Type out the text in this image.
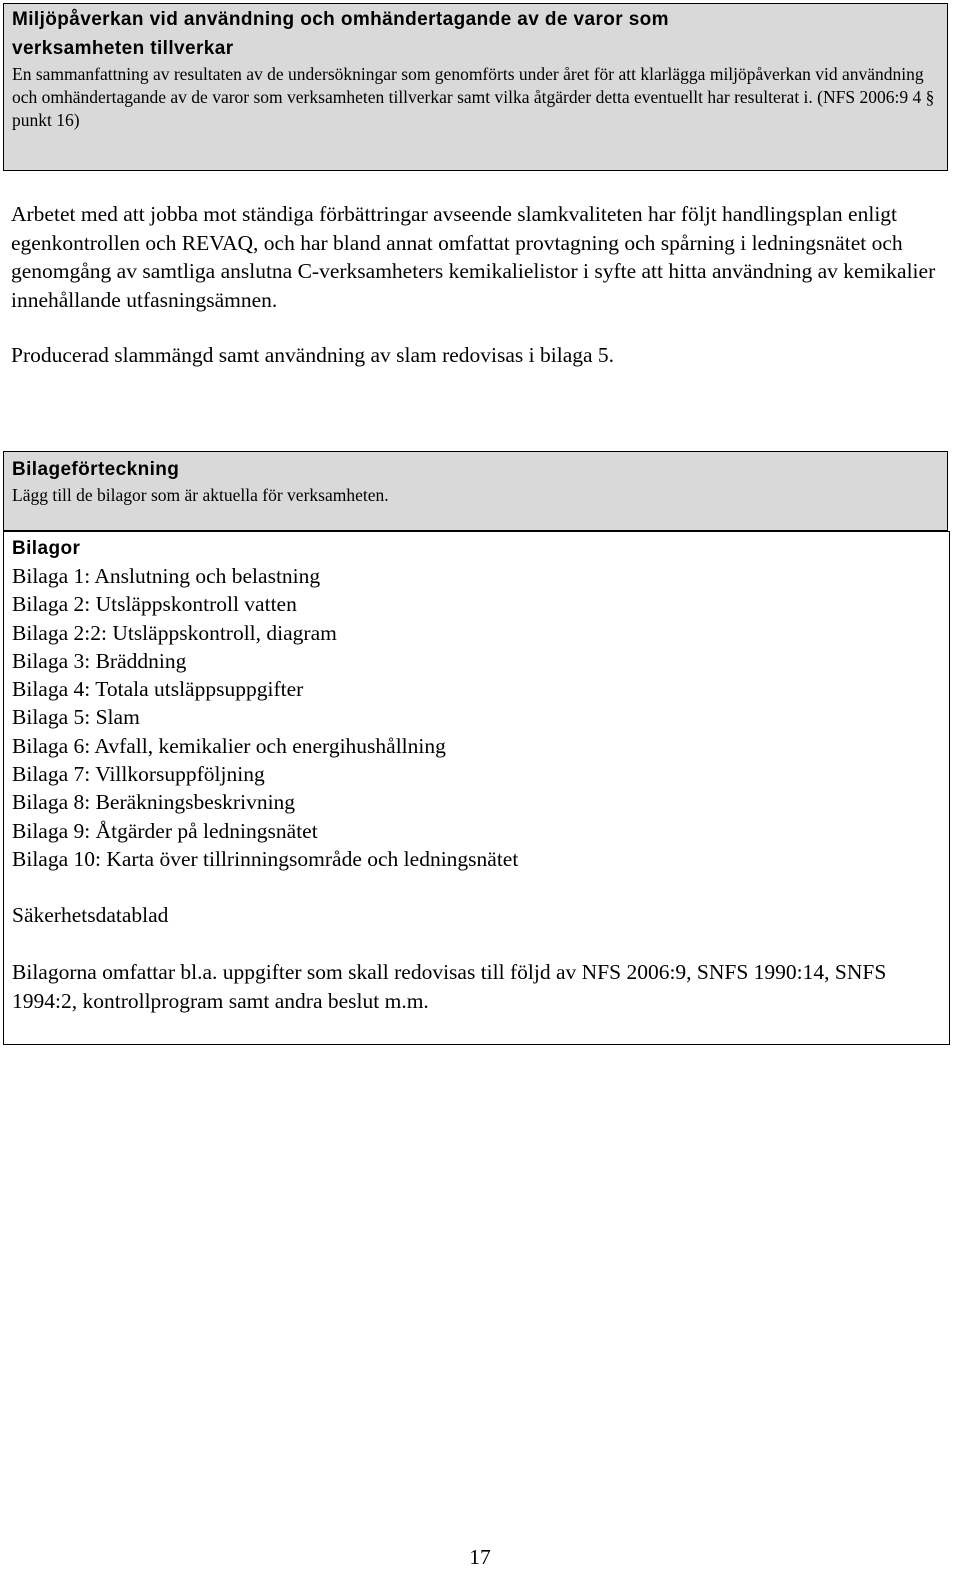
Miljöpåverkan vid användning och omhändertagande av de varor som
verksamheten tillverkar

En sammanfattning av resultaten av de undersökningar som genomförts under året för att klarlägga miljöpåverkan vid användning och omhändertagande av de varor som verksamheten tillverkar samt vilka åtgärder detta eventuellt har resulterat i. (NFS 2006:9 4 § punkt 16)

Arbetet med att jobba mot ständiga förbättringar avseende slamkvaliteten har följt handlingsplan enligt egenkontrollen och REVAQ, och har bland annat omfattat provtagning och spårning i ledningsnätet och genomgång av samtliga anslutna C-verksamheters kemikalielistor i syfte att hitta användning av kemikalier innehållande utfasningsämnen.

Producerad slammängd samt användning av slam redovisas i bilaga 5.

Bilageförteckning

Lägg till de bilagor som är aktuella för verksamheten.

Bilagor
Bilaga 1: Anslutning och belastning
Bilaga 2: Utsläppskontroll vatten
Bilaga 2:2: Utsläppskontroll, diagram
Bilaga 3: Bräddning
Bilaga 4: Totala utsläppsuppgifter
Bilaga 5: Slam
Bilaga 6: Avfall, kemikalier och energihushållning
Bilaga 7: Villkorsuppföljning
Bilaga 8: Beräkningsbeskrivning
Bilaga 9: Åtgärder på ledningsnätet
Bilaga 10: Karta över tillrinningsområde och ledningsnätet
Säkerhetsdatablad

Bilagorna omfattar bl.a. uppgifter som skall redovisas till följd av NFS 2006:9, SNFS 1990:14, SNFS 1994:2, kontrollprogram samt andra beslut m.m.

17
